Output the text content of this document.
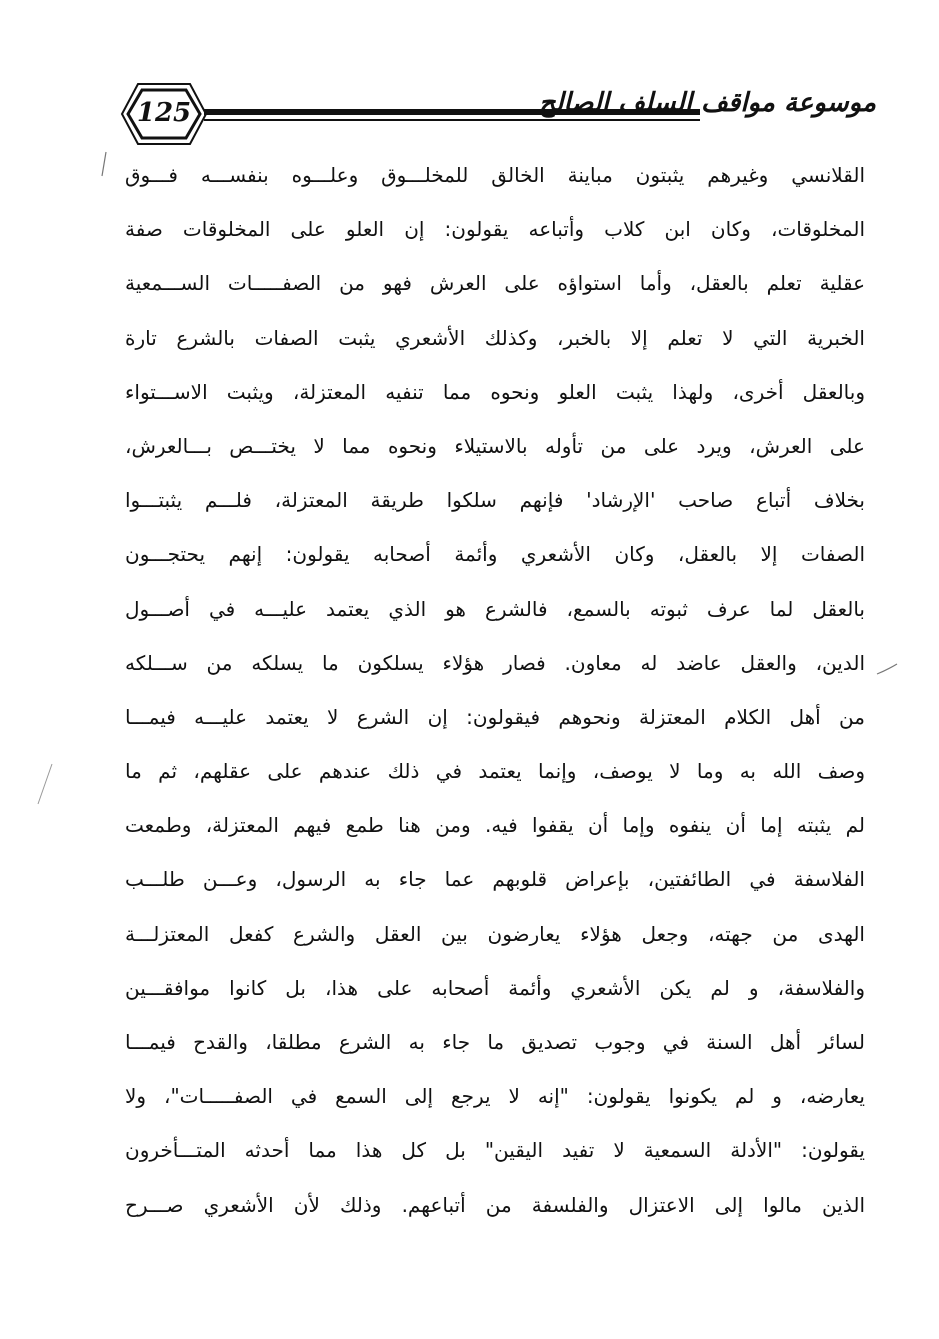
125	موسوعة مواقف السلف الصالح
القلانسي وغيرهم يثبتون مباينة الخالق للمخلـــوق وعلـــوه بنفســـه فـــوق
المخلوقات، وكان ابن كلاب وأتباعه يقولون: إن العلو على المخلوقات صفة
عقلية تعلم بالعقل، وأما استواؤه على العرش فهو من الصفـــــات الســـمعية
الخبرية التي لا تعلم إلا بالخبر، وكذلك الأشعري يثبت الصفات بالشرع تارة
وبالعقل أخرى، ولهذا يثبت العلو ونحوه مما تنفيه المعتزلة، ويثبت الاســـتواء
على العرش، ويرد على من تأوله بالاستيلاء ونحوه مما لا يختـــص بـــالعرش،
بخلاف أتباع صاحب 'الإرشاد' فإنهم سلكوا طريقة المعتزلة، فلـــم يثبتـــوا
الصفات إلا بالعقل، وكان الأشعري وأئمة أصحابه يقولون: إنهم يحتجـــون
بالعقل لما عرف ثبوته بالسمع، فالشرع هو الذي يعتمد عليـــه في أصـــول
الدين، والعقل عاضد له معاون. فصار هؤلاء يسلكون ما يسلكه من ســـلكه
من أهل الكلام المعتزلة ونحوهم فيقولون: إن الشرع لا يعتمد عليـــه فيمـــا
وصف الله به وما لا يوصف، وإنما يعتمد في ذلك عندهم على عقلهم، ثم ما
لم يثبته إما أن ينفوه وإما أن يقفوا فيه. ومن هنا طمع فيهم المعتزلة، وطمعت
الفلاسفة في الطائفتين، بإعراض قلوبهم عما جاء به الرسول، وعـــن طلـــب
الهدى من جهته، وجعل هؤلاء يعارضون بين العقل والشرع كفعل المعتزلـــة
والفلاسفة، و لم يكن الأشعري وأئمة أصحابه على هذا، بل كانوا موافقـــين
لسائر أهل السنة في وجوب تصديق ما جاء به الشرع مطلقا، والقدح فيمـــا
يعارضه، و لم يكونوا يقولون: "إنه لا يرجع إلى السمع في الصفـــــات"، ولا
يقولون: "الأدلة السمعية لا تفيد اليقين" بل كل هذا مما أحدثه المتـــأخرون
الذين مالوا إلى الاعتزال والفلسفة من أتباعهم. وذلك لأن الأشعري صـــرح
